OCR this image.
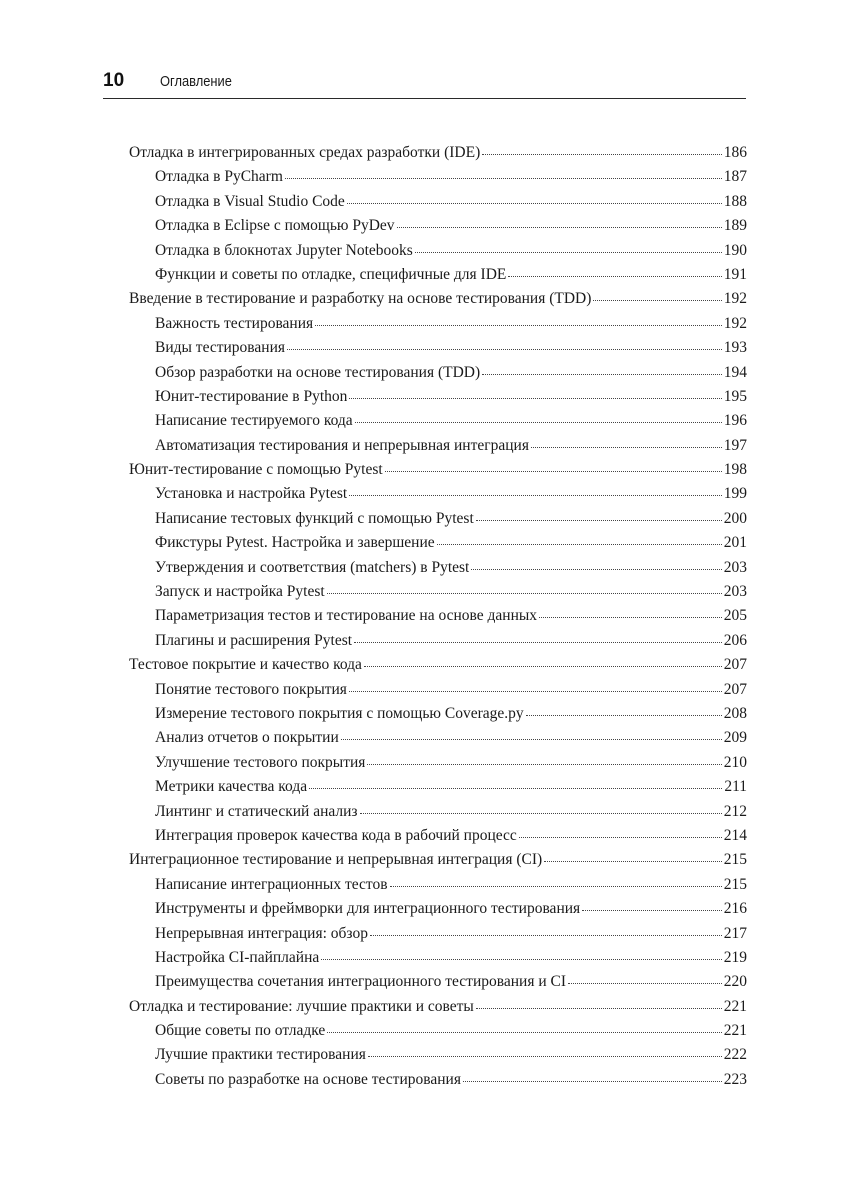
10 Оглавление
Отладка в интегрированных средах разработки (IDE)	186
Отладка в PyCharm	187
Отладка в Visual Studio Code	188
Отладка в Eclipse с помощью PyDev	189
Отладка в блокнотах Jupyter Notebooks	190
Функции и советы по отладке, специфичные для IDE	191
Введение в тестирование и разработку на основе тестирования (TDD)	192
Важность тестирования	192
Виды тестирования	193
Обзор разработки на основе тестирования (TDD)	194
Юнит-тестирование в Python	195
Написание тестируемого кода	196
Автоматизация тестирования и непрерывная интеграция	197
Юнит-тестирование с помощью Pytest	198
Установка и настройка Pytest	199
Написание тестовых функций с помощью Pytest	200
Фикстуры Pytest. Настройка и завершение	201
Утверждения и соответствия (matchers) в Pytest	203
Запуск и настройка Pytest	203
Параметризация тестов и тестирование на основе данных	205
Плагины и расширения Pytest	206
Тестовое покрытие и качество кода	207
Понятие тестового покрытия	207
Измерение тестового покрытия с помощью Coverage.py	208
Анализ отчетов о покрытии	209
Улучшение тестового покрытия	210
Метрики качества кода	211
Линтинг и статический анализ	212
Интеграция проверок качества кода в рабочий процесс	214
Интеграционное тестирование и непрерывная интеграция (CI)	215
Написание интеграционных тестов	215
Инструменты и фреймворки для интеграционного тестирования	216
Непрерывная интеграция: обзор	217
Настройка CI-пайплайна	219
Преимущества сочетания интеграционного тестирования и CI	220
Отладка и тестирование: лучшие практики и советы	221
Общие советы по отладке	221
Лучшие практики тестирования	222
Советы по разработке на основе тестирования	223
